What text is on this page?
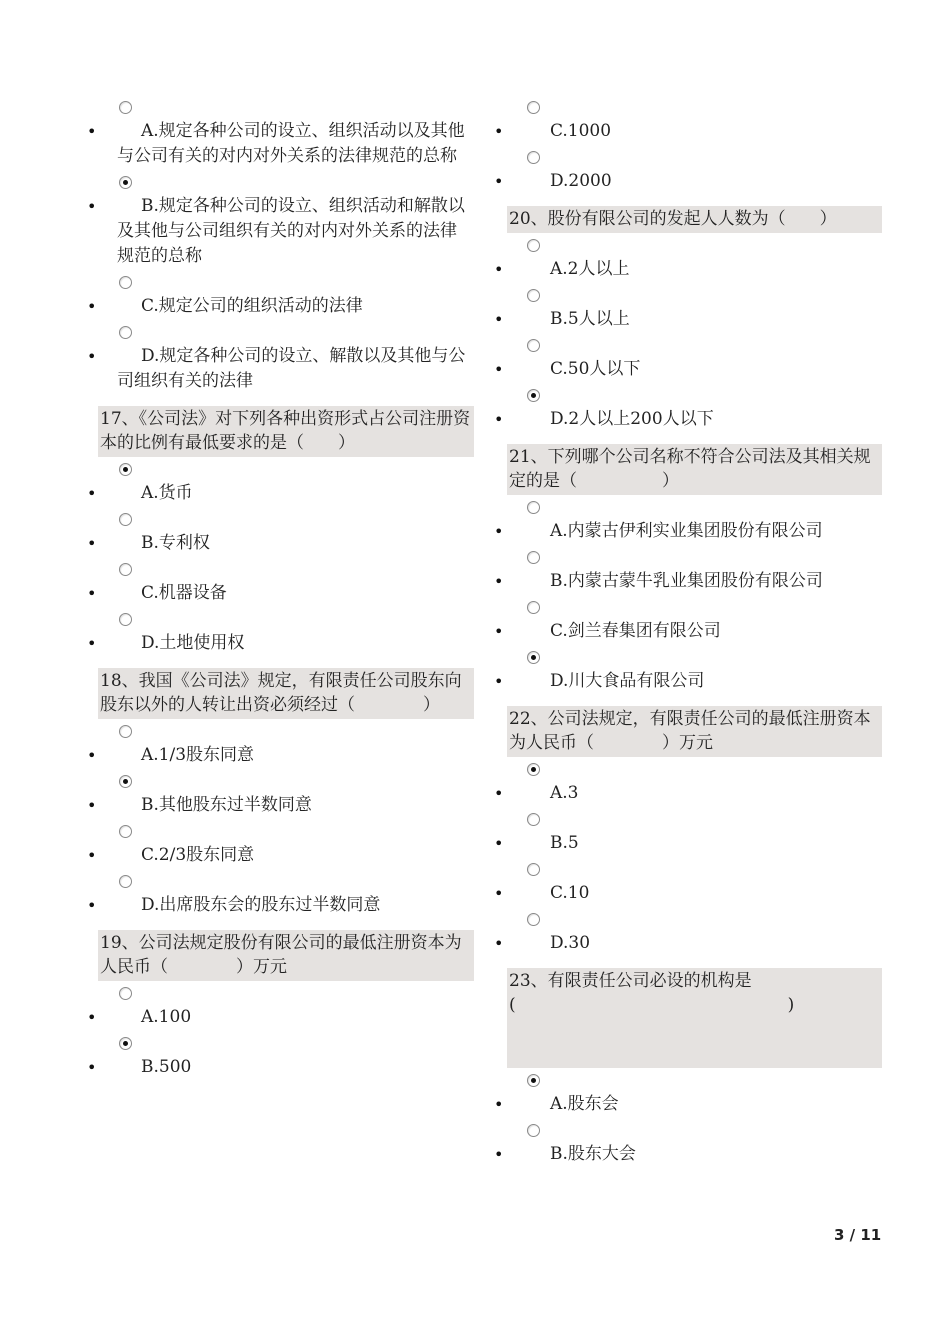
•	A.规定各种公司的设立、组织活动以及其他与公司有关的对内对外关系的法律规范的总称
•	B.规定各种公司的设立、组织活动和解散以及其他与公司组织有关的对内对外关系的法律规范的总称
•	C.规定公司的组织活动的法律
•	D.规定各种公司的设立、解散以及其他与公司组织有关的法律
17、《公司法》对下列各种出资形式占公司注册资本的比例有最低要求的是（　　）
•	A.货币
•	B.专利权
•	C.机器设备
•	D.土地使用权
18、我国《公司法》规定，有限责任公司股东向股东以外的人转让出资必须经过（　　　　）
•	A.1/3股东同意
•	B.其他股东过半数同意
•	C.2/3股东同意
•	D.出席股东会的股东过半数同意
19、公司法规定股份有限公司的最低注册资本为人民币（　　　　）万元
•	A.100
•	B.500
•	C.1000
•	D.2000
20、股份有限公司的发起人人数为（　　）
•	A.2人以上
•	B.5人以上
•	C.50人以下
•	D.2人以上200人以下
21、下列哪个公司名称不符合公司法及其相关规定的是（　　　　　）
•	A.内蒙古伊利实业集团股份有限公司
•	B.内蒙古蒙牛乳业集团股份有限公司
•	C.剑兰春集团有限公司
•	D.川大食品有限公司
22、公司法规定，有限责任公司的最低注册资本为人民币（　　　　）万元
•	A.3
•	B.5
•	C.10
•	D.30
23、有限责任公司必设的机构是(　　　　　　　　　　　　　　　　)
•	A.股东会
•	B.股东大会
3 / 11
